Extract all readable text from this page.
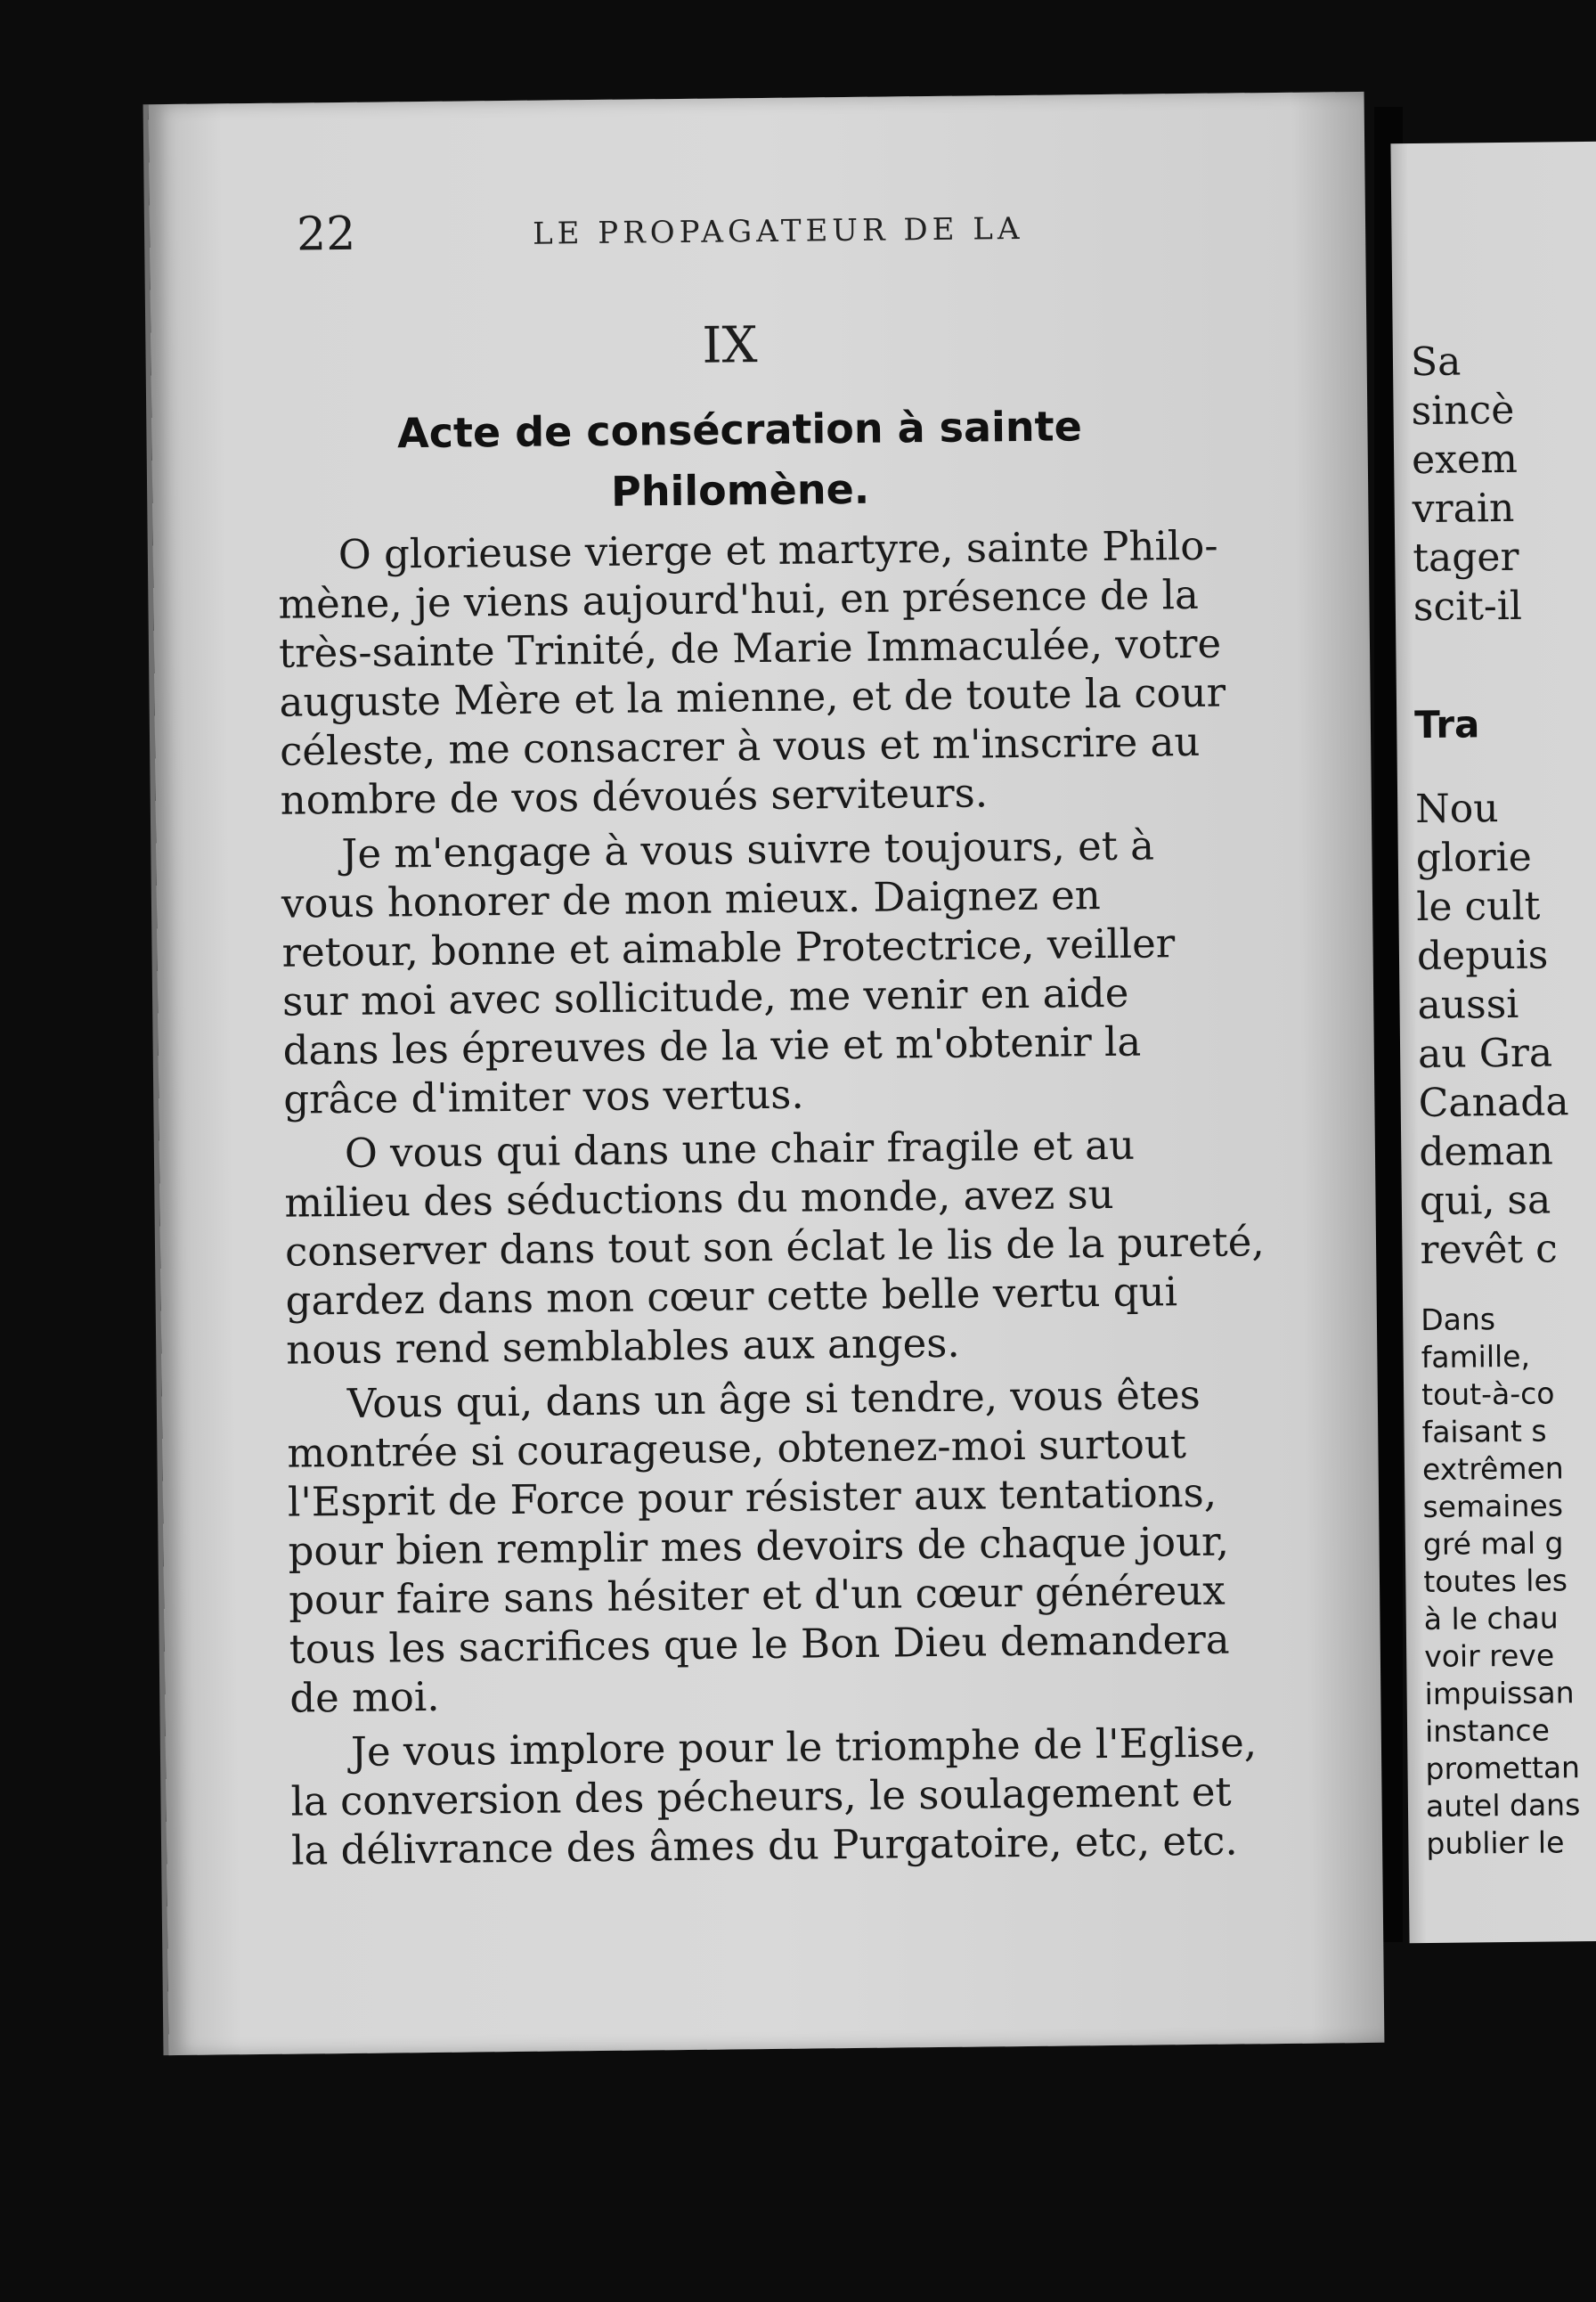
22	LE PROPAGATEUR DE LA
IX
Acte de consécration à sainte
Philomène.

O glorieuse vierge et martyre, sainte Philo-
mène, je viens aujourd'hui, en présence de la
très-sainte Trinité, de Marie Immaculée, votre
auguste Mère et la mienne, et de toute la cour
céleste, me consacrer à vous et m'inscrire au
nombre de vos dévoués serviteurs.

Je m'engage à vous suivre toujours, et à
vous honorer de mon mieux. Daignez en
retour, bonne et aimable Protectrice, veiller
sur moi avec sollicitude, me venir en aide
dans les épreuves de la vie et m'obtenir la
grâce d'imiter vos vertus.

O vous qui dans une chair fragile et au
milieu des séductions du monde, avez su
conserver dans tout son éclat le lis de la pureté,
gardez dans mon cœur cette belle vertu qui
nous rend semblables aux anges.

Vous qui, dans un âge si tendre, vous êtes
montrée si courageuse, obtenez-moi surtout
l'Esprit de Force pour résister aux tentations,
pour bien remplir mes devoirs de chaque jour,
pour faire sans hésiter et d'un cœur généreux
tous les sacrifices que le Bon Dieu demandera
de moi.

Je vous implore pour le triomphe de l'Eglise,
la conversion des pécheurs, le soulagement et
la délivrance des âmes du Purgatoire, etc, etc.

Sa
sincè
exem
vrain
tager
scit-il
Tra
Nou
glorie
le cult
depuis
aussi
au Gra
Canada
deman
qui, sa
revêt c
Dans
famille,
tout-à-co
faisant s
extrêmen
semaines
gré mal g
toutes les
à le chau
voir reve
impuissan
instance
promettan
autel dans
publier le
